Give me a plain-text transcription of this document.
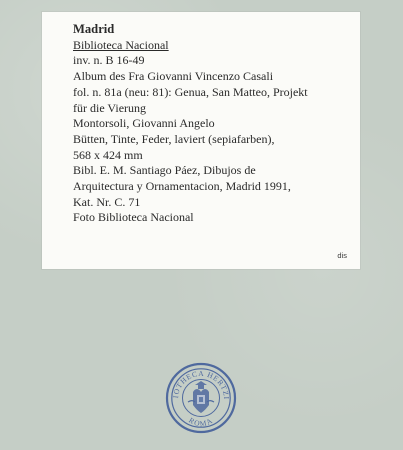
Madrid
Biblioteca Nacional
inv. n. B 16-49
Album des Fra Giovanni Vincenzo Casali
fol. n. 81a (neu: 81): Genua, San Matteo, Projekt
für die Vierung
Montorsoli, Giovanni Angelo
Bütten, Tinte, Feder, laviert (sepiafarben),
568 x 424 mm
Bibl. E. M. Santiago Páez, Dibujos de
Arquitectura y Ornamentacion, Madrid 1991,
Kat. Nr. C. 71
Foto Biblioteca Nacional
dis
IOTHECA HERTZI
ROMA
